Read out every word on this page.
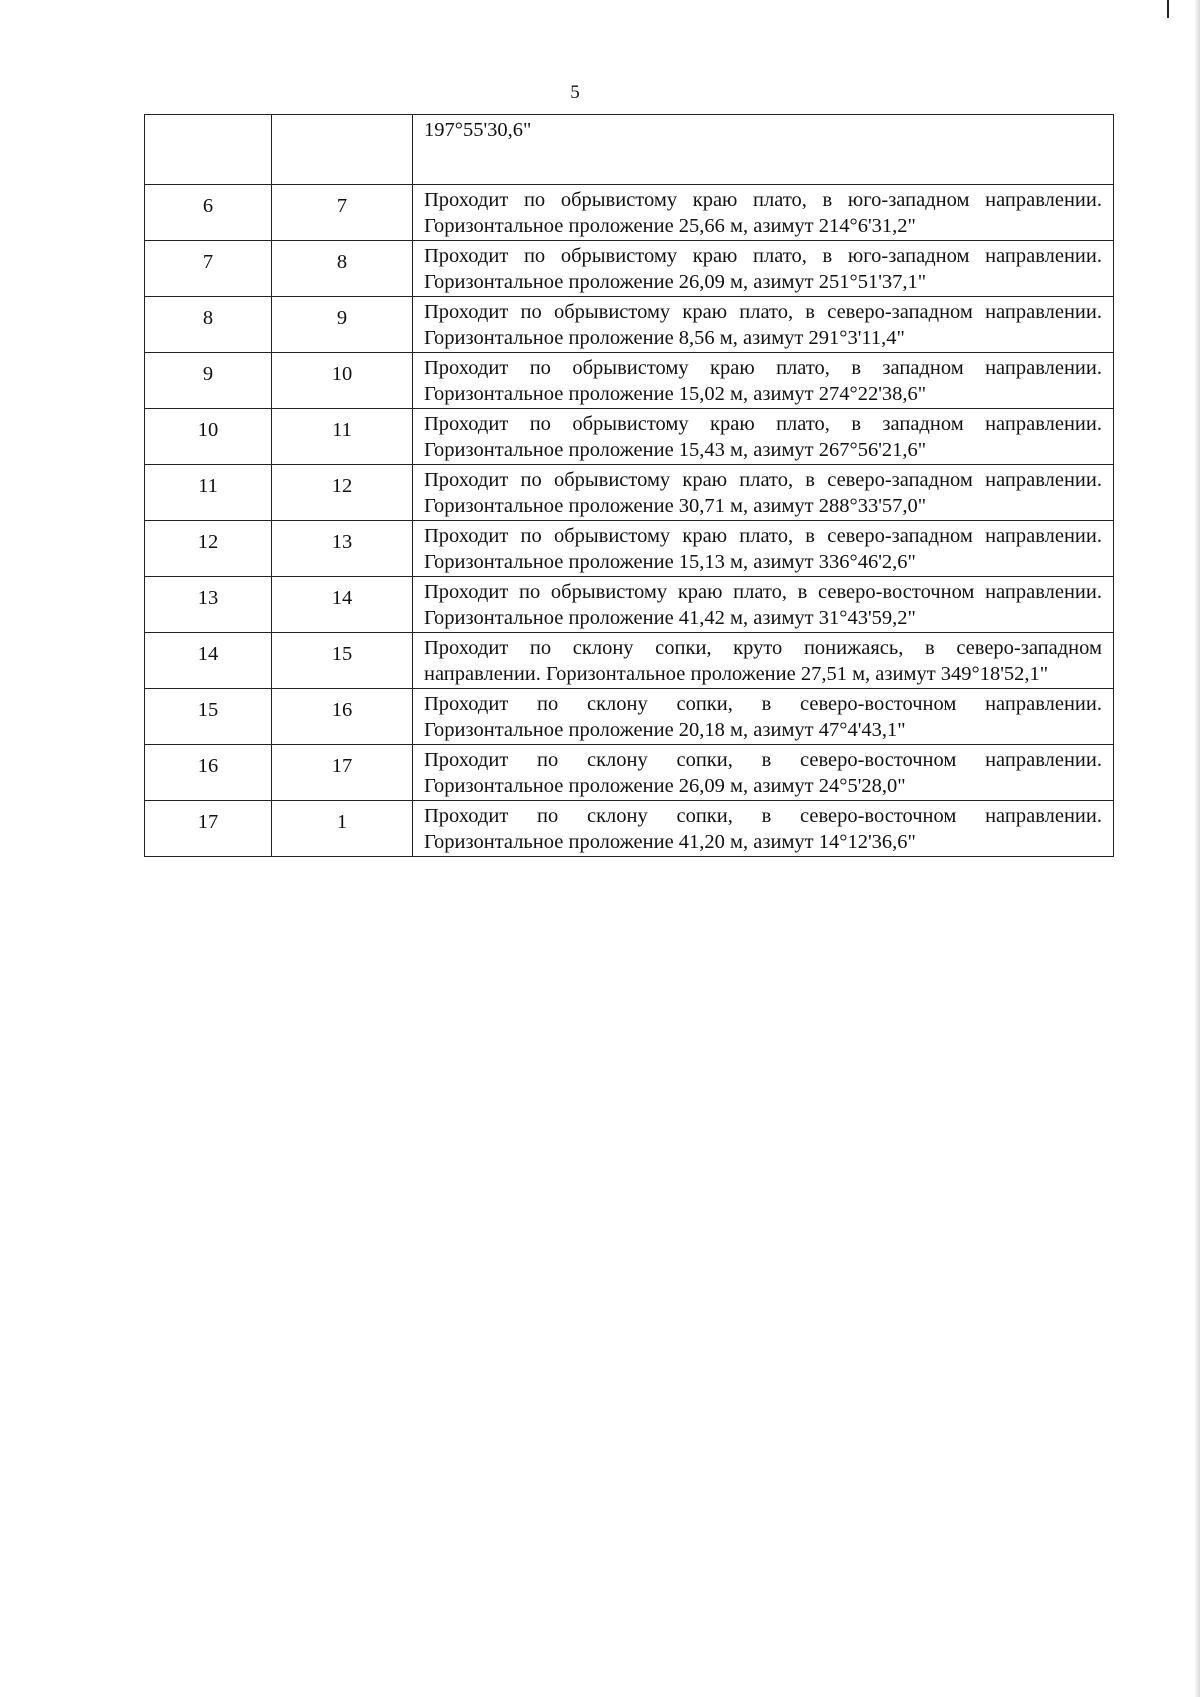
5
		197°55'30,6"
6	7	Проходит по обрывистому краю плато, в юго-западном направлении. Горизонтальное проложение 25,66 м, азимут 214°6'31,2"
7	8	Проходит по обрывистому краю плато, в юго-западном направлении. Горизонтальное проложение 26,09 м, азимут 251°51'37,1"
8	9	Проходит по обрывистому краю плато, в северо-западном направлении. Горизонтальное проложение 8,56 м, азимут 291°3'11,4"
9	10	Проходит по обрывистому краю плато, в западном направлении. Горизонтальное проложение 15,02 м, азимут 274°22'38,6"
10	11	Проходит по обрывистому краю плато, в западном направлении. Горизонтальное проложение 15,43 м, азимут 267°56'21,6"
11	12	Проходит по обрывистому краю плато, в северо-западном направлении. Горизонтальное проложение 30,71 м, азимут 288°33'57,0"
12	13	Проходит по обрывистому краю плато, в северо-западном направлении. Горизонтальное проложение 15,13 м, азимут 336°46'2,6"
13	14	Проходит по обрывистому краю плато, в северо-восточном направлении. Горизонтальное проложение 41,42 м, азимут 31°43'59,2"
14	15	Проходит по склону сопки, круто понижаясь, в северо-западном направлении. Горизонтальное проложение 27,51 м, азимут 349°18'52,1"
15	16	Проходит по склону сопки, в северо-восточном направлении. Горизонтальное проложение 20,18 м, азимут 47°4'43,1"
16	17	Проходит по склону сопки, в северо-восточном направлении. Горизонтальное проложение 26,09 м, азимут 24°5'28,0"
17	1	Проходит по склону сопки, в северо-восточном направлении. Горизонтальное проложение 41,20 м, азимут 14°12'36,6"
